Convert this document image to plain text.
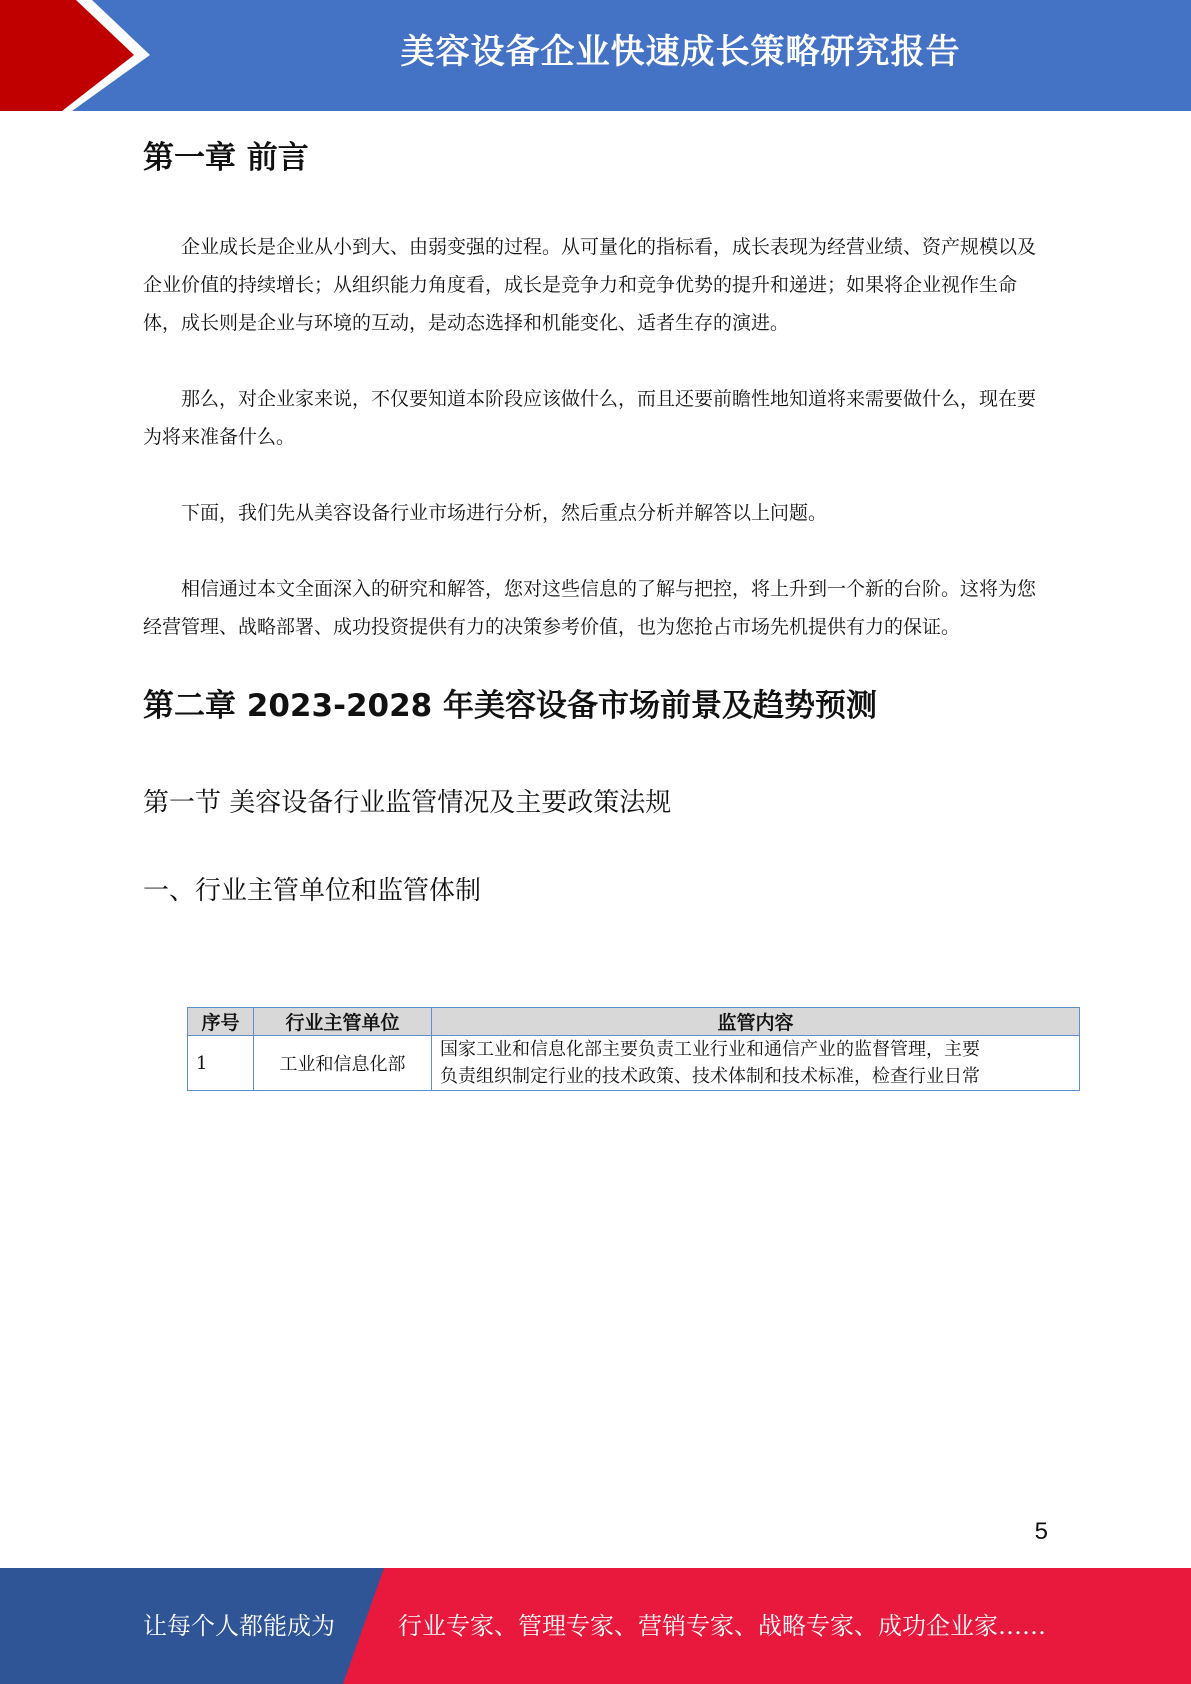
美容设备企业快速成长策略研究报告
第一章 前言

企业成长是企业从小到大、由弱变强的过程。从可量化的指标看，成长表现为经营业绩、资产规模以及企业价值的持续增长；从组织能力角度看，成长是竞争力和竞争优势的提升和递进；如果将企业视作生命体，成长则是企业与环境的互动，是动态选择和机能变化、适者生存的演进。

那么，对企业家来说，不仅要知道本阶段应该做什么，而且还要前瞻性地知道将来需要做什么，现在要为将来准备什么。

下面，我们先从美容设备行业市场进行分析，然后重点分析并解答以上问题。

相信通过本文全面深入的研究和解答，您对这些信息的了解与把控，将上升到一个新的台阶。这将为您经营管理、战略部署、成功投资提供有力的决策参考价值，也为您抢占市场先机提供有力的保证。

第二章 2023-2028 年美容设备市场前景及趋势预测
第一节 美容设备行业监管情况及主要政策法规
一、行业主管单位和监管体制
序号	行业主管单位	监管内容
1	工业和信息化部	国家工业和信息化部主要负责工业行业和通信产业的监督管理，主要
负责组织制定行业的技术政策、技术体制和技术标准，检查行业日常
5
让每个人都能成为	行业专家、管理专家、营销专家、战略专家、成功企业家……
